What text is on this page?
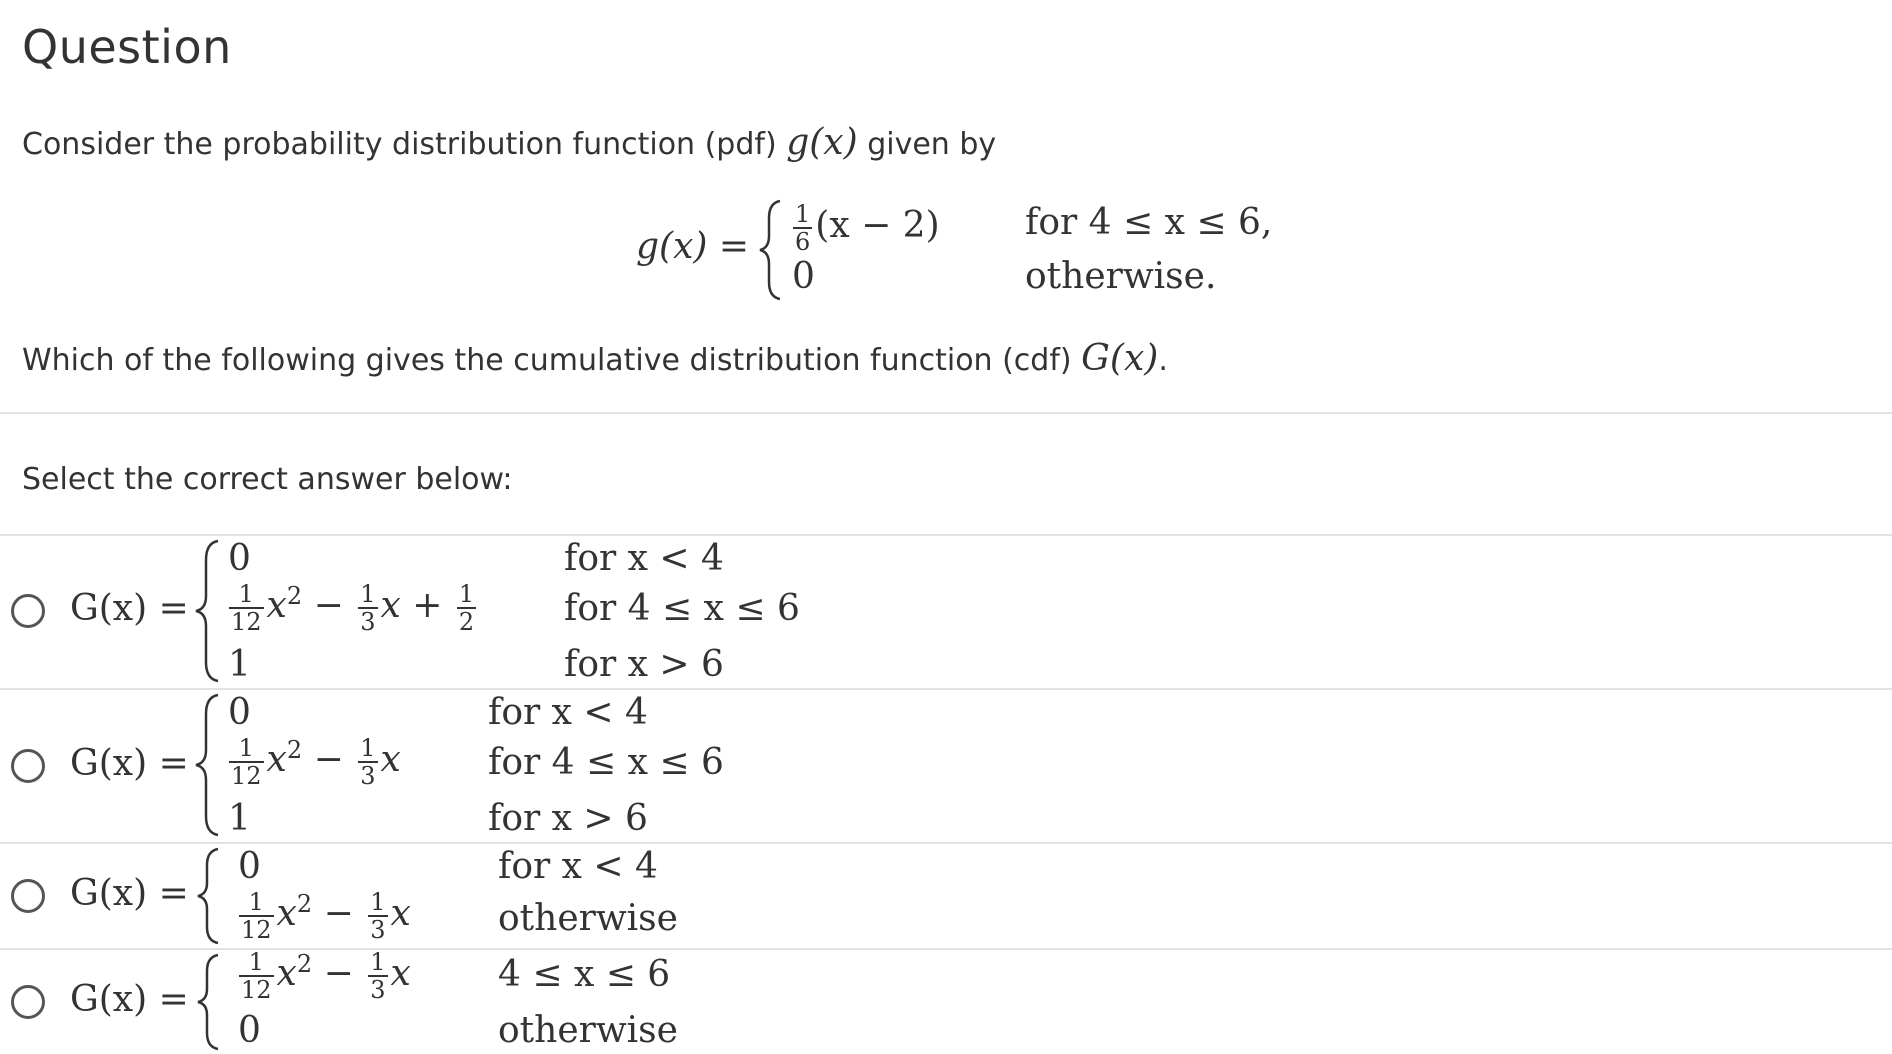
Question

Consider the probability distribution function (pdf) g(x) given by

$g(x) = \frac{1}{6} (x - 2)$ for 4 ≤ x ≤ 6,
0	otherwise.

Which of the following gives the cumulative distribution function (cdf) G(x).

Select the correct answer below:

G(x) =
0	for x < 4
$\frac{1}{12} x^2 - \frac{1}{3}$ $x + \frac{1}{2}$ for 4 ≤ x ≤ 6
1	for x > 6
G(x) =
0	for x < 4
$\frac{1}{12} x^2 - \frac{1}{3}$ x for 4 ≤ x ≤ 6
1	for x > 6
G(x) =
0	for x < 4
$\frac{1}{12} x^2 - \frac{1}{3}$ x otherwise
$G(x) = \frac{1}{12} x^2 - \frac{1}{3}$ x 4 ≤ x ≤ 6
0	otherwise
